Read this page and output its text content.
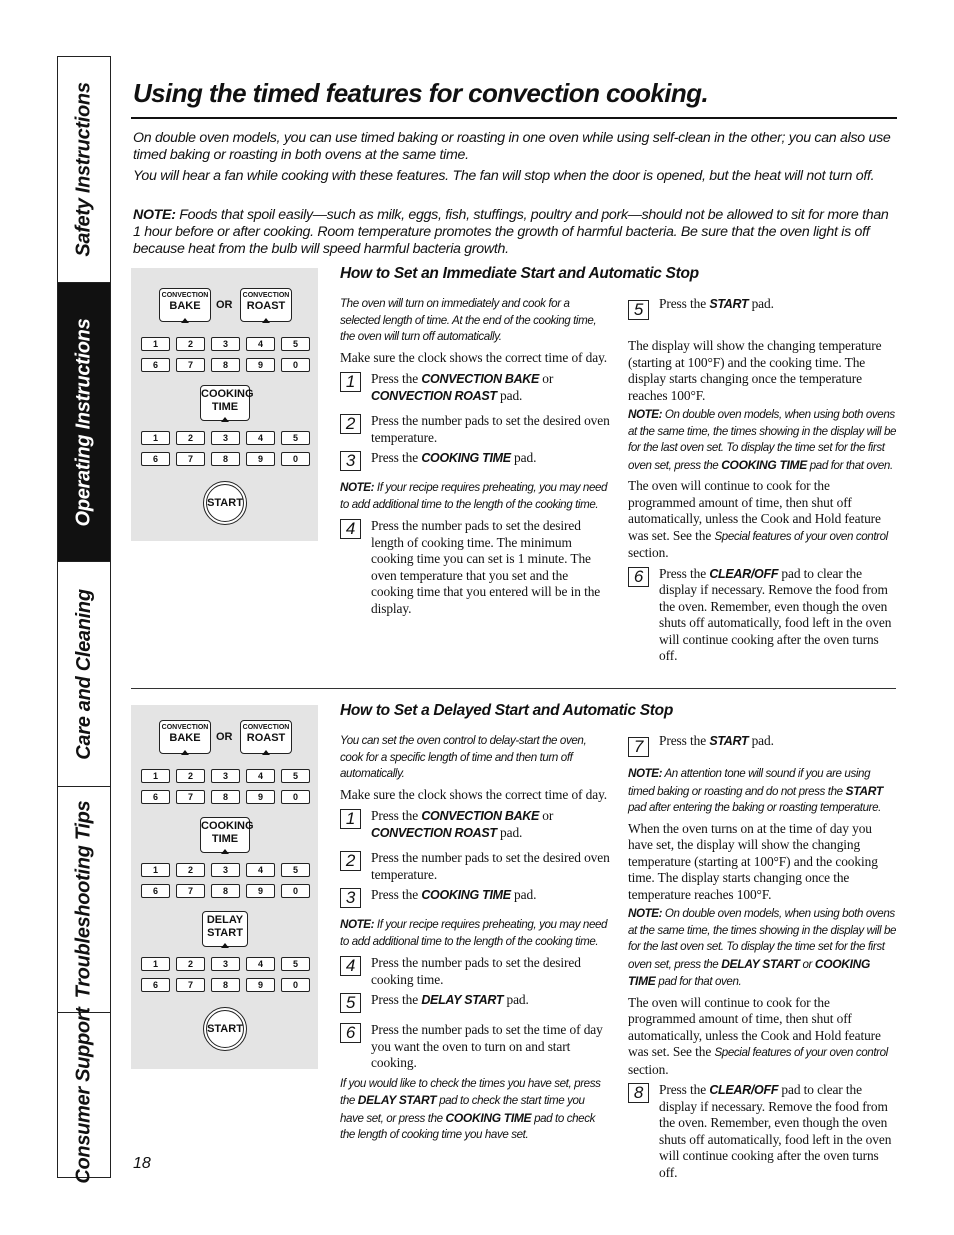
Safety Instructions
Operating Instructions
Care and Cleaning
Troubleshooting Tips
Consumer Support
Using the timed features for convection cooking.

On double oven models, you can use timed baking or roasting in one oven while using self-clean in the other; you can also use timed baking or roasting in both ovens at the same time.

You will hear a fan while cooking with these features. The fan will stop when the door is opened, but the heat will not turn off.

NOTE: Foods that spoil easily—such as milk, eggs, fish, stuffings, poultry and pork—should not be allowed to sit for more than 1 hour before or after cooking. Room temperature promotes the growth of harmful bacteria. Be sure that the oven light is off because heat from the bulb will speed harmful bacteria growth.

CONVECTION
BAKE	OR
CONVECTION
ROAST
1	2	3	4	5
6	7	8	9	0
COOKING
TIME
1	2	3	4	5
6	7	8	9	0
START
How to Set an Immediate Start and Automatic Stop

The oven will turn on immediately and cook for a selected length of time. At the end of the cooking time, the oven will turn off automatically.

Make sure the clock shows the correct time of day.

1	Press the CONVECTION BAKE or CONVECTION ROAST pad.

2	Press the number pads to set the desired oven temperature.

3	Press the COOKING TIME pad.

NOTE: If your recipe requires preheating, you may need to add additional time to the length of the cooking time.

4	Press the number pads to set the desired length of cooking time. The minimum cooking time you can set is 1 minute. The oven temperature that you set and the cooking time that you entered will be in the display.

5	Press the START pad.

The display will show the changing temperature (starting at 100°F) and the cooking time. The display starts changing once the temperature reaches 100°F.

NOTE: On double oven models, when using both ovens at the same time, the times showing in the display will be for the last oven set. To display the time set for the first oven set, press the COOKING TIME pad for that oven.

The oven will continue to cook for the programmed amount of time, then shut off automatically, unless the Cook and Hold feature was set. See the Special features of your oven control section.

6	Press the CLEAR/OFF pad to clear the display if necessary. Remove the food from the oven. Remember, even though the oven shuts off automatically, food left in the oven will continue cooking after the oven turns off.

CONVECTION
BAKE	OR
CONVECTION
ROAST
1	2	3	4	5
6	7	8	9	0
COOKING
TIME
1	2	3	4	5
6	7	8	9	0
DELAY
START
1	2	3	4	5
6	7	8	9	0
START
How to Set a Delayed Start and Automatic Stop

You can set the oven control to delay-start the oven, cook for a specific length of time and then turn off automatically.

Make sure the clock shows the correct time of day.

1	Press the CONVECTION BAKE or CONVECTION ROAST pad.

2	Press the number pads to set the desired oven temperature.

3	Press the COOKING TIME pad.

NOTE: If your recipe requires preheating, you may need to add additional time to the length of the cooking time.

4	Press the number pads to set the desired cooking time.

5	Press the DELAY START pad.

6	Press the number pads to set the time of day you want the oven to turn on and start cooking.

If you would like to check the times you have set, press the DELAY START pad to check the start time you have set, or press the COOKING TIME pad to check the length of cooking time you have set.

7	Press the START pad.

NOTE: An attention tone will sound if you are using timed baking or roasting and do not press the START pad after entering the baking or roasting temperature.

When the oven turns on at the time of day you have set, the display will show the changing temperature (starting at 100°F) and the cooking time. The display starts changing once the temperature reaches 100°F.

NOTE: On double oven models, when using both ovens at the same time, the times showing in the display will be for the last oven set. To display the time set for the first oven set, press the DELAY START or COOKING TIME pad for that oven.

The oven will continue to cook for the programmed amount of time, then shut off automatically, unless the Cook and Hold feature was set. See the Special features of your oven control section.

8	Press the CLEAR/OFF pad to clear the display if necessary. Remove the food from the oven. Remember, even though the oven shuts off automatically, food left in the oven will continue cooking after the oven turns off.

18
